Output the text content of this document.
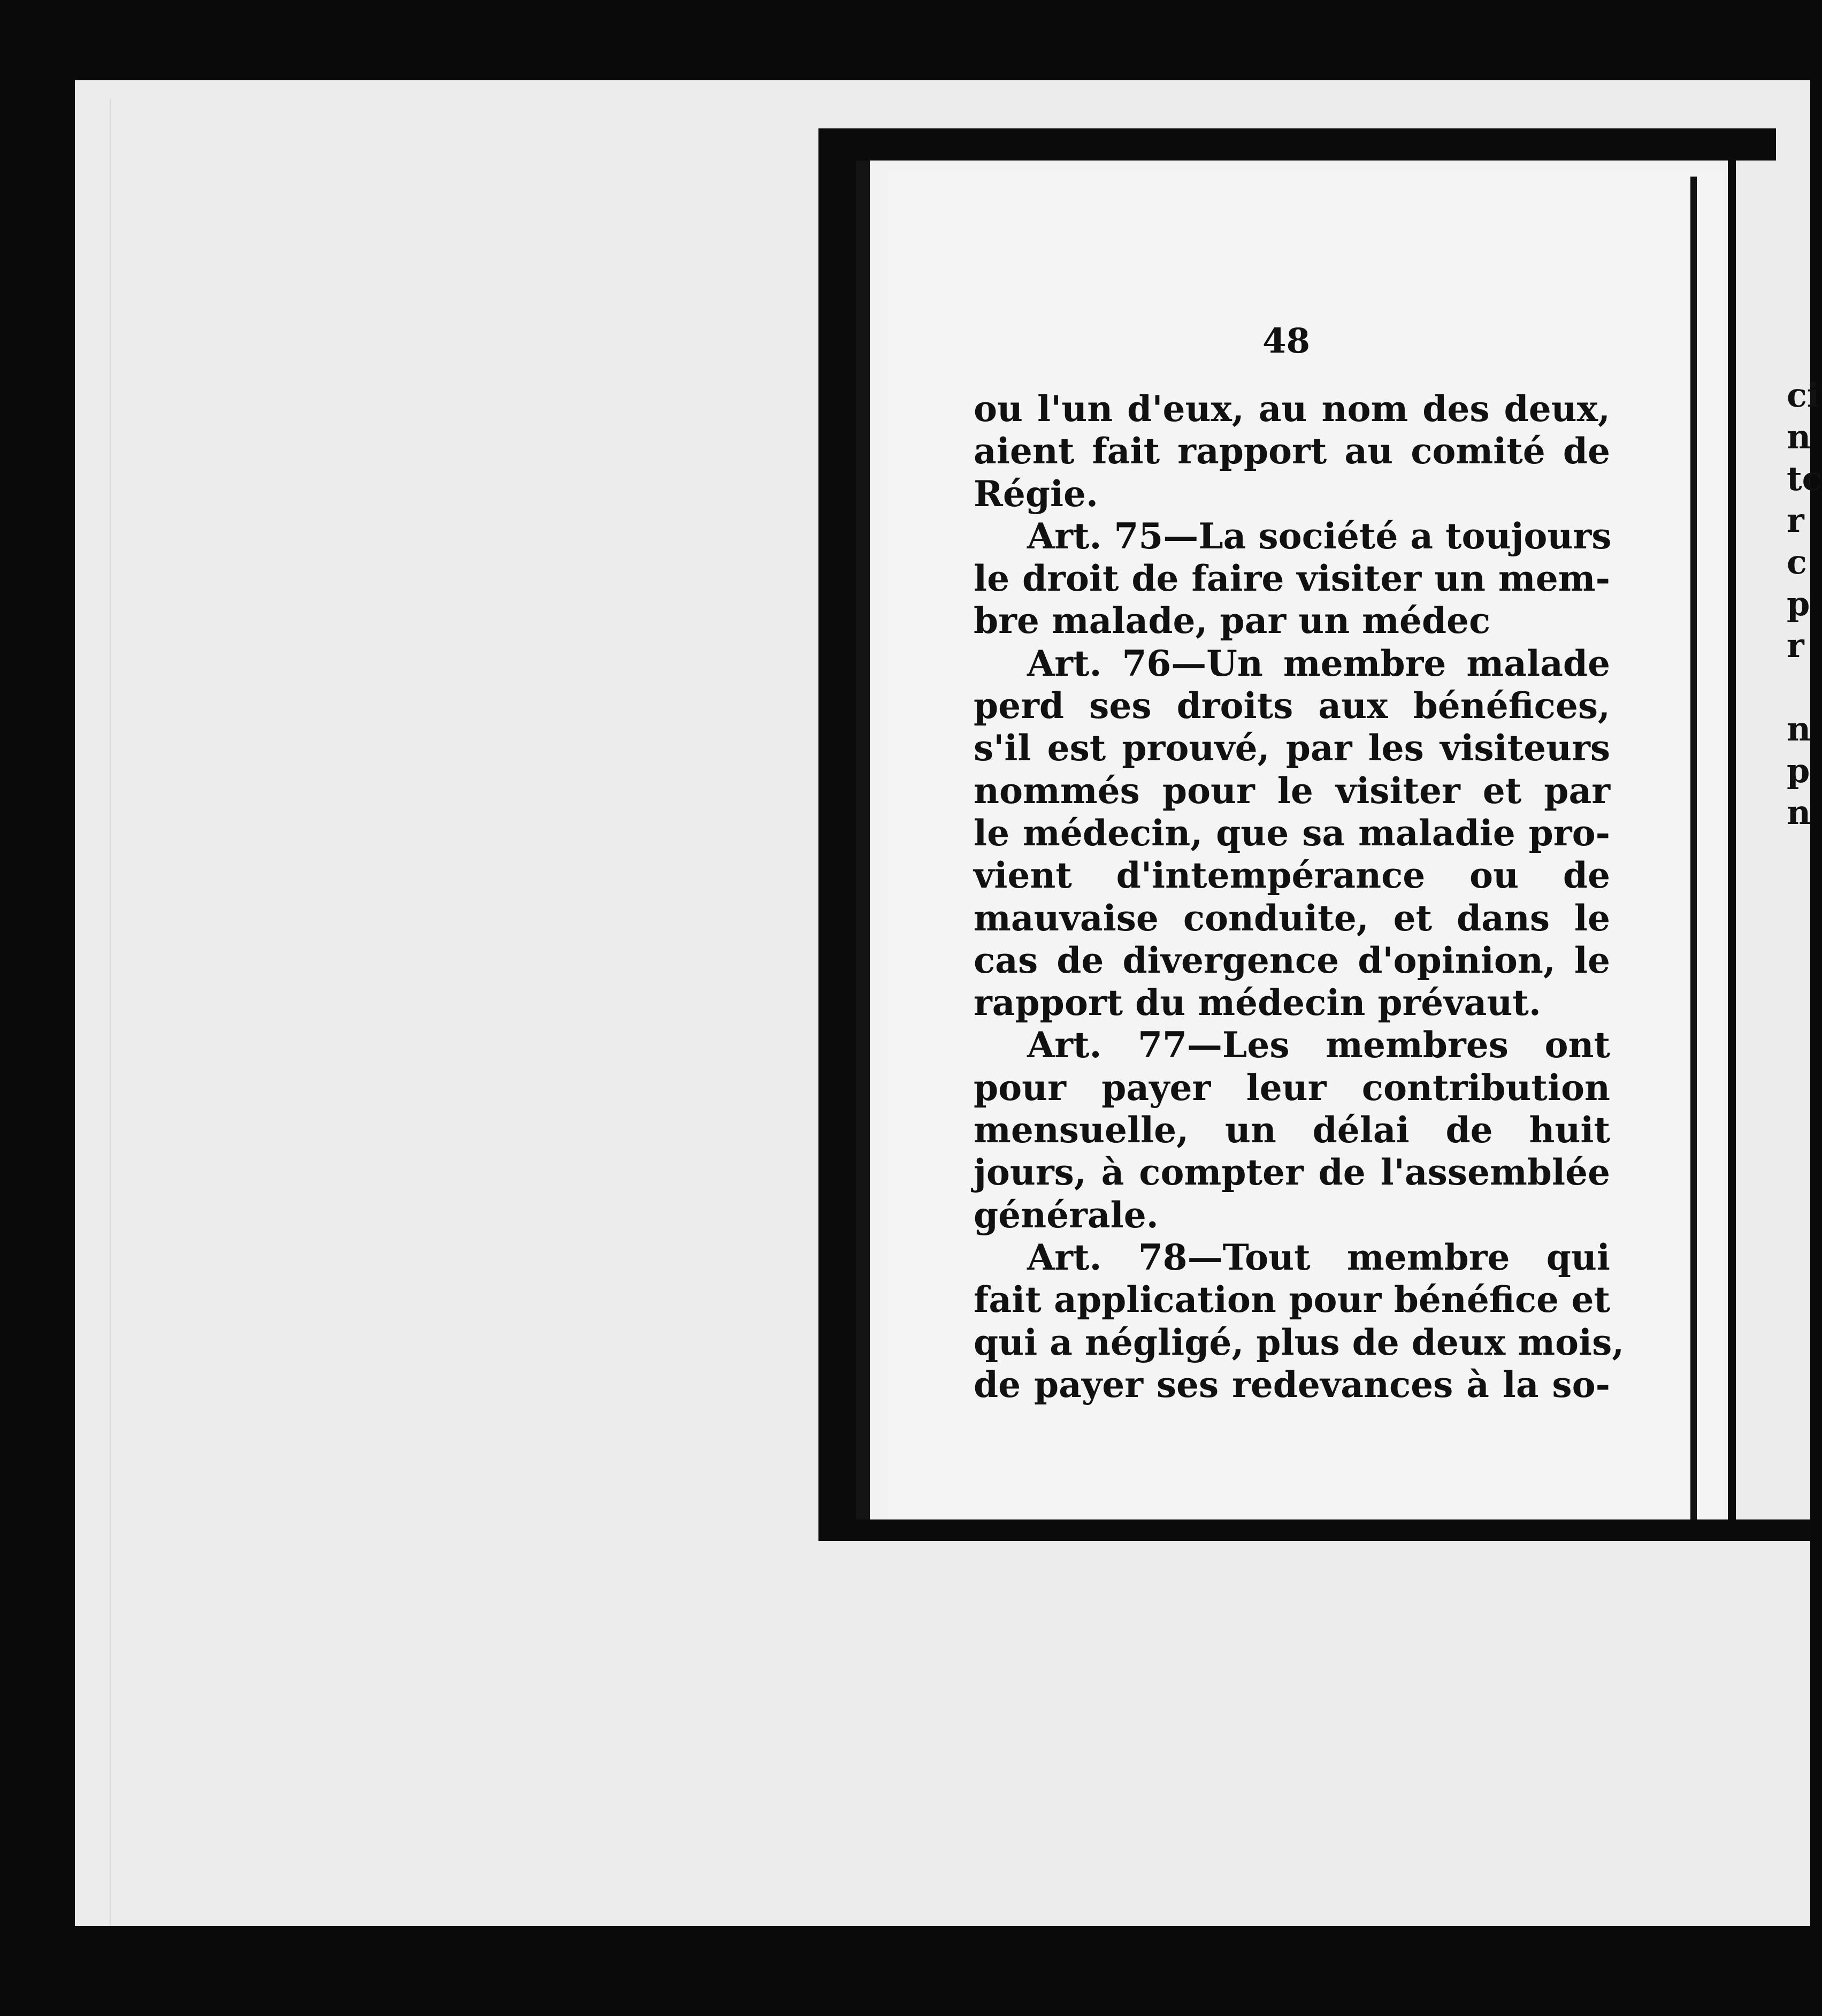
ci
n
tc
r
c
p
r

n
p
n
48
ou l'un d'eux, au nom des deux,
aient fait rapport au comité de
Régie.
Art. 75—La société a toujours
le droit de faire visiter un mem-
bre malade, par un médec
Art. 76—Un membre malade
perd ses droits aux bénéfices,
s'il est prouvé, par les visiteurs
nommés pour le visiter et par
le médecin, que sa maladie pro-
vient d'intempérance ou de
mauvaise conduite, et dans le
cas de divergence d'opinion, le
rapport du médecin prévaut.
Art. 77—Les membres ont
pour payer leur contribution
mensuelle, un délai de huit
jours, à compter de l'assemblée
générale.
Art. 78—Tout membre qui
fait application pour bénéfice et
qui a négligé, plus de deux mois,
de payer ses redevances à la so-
